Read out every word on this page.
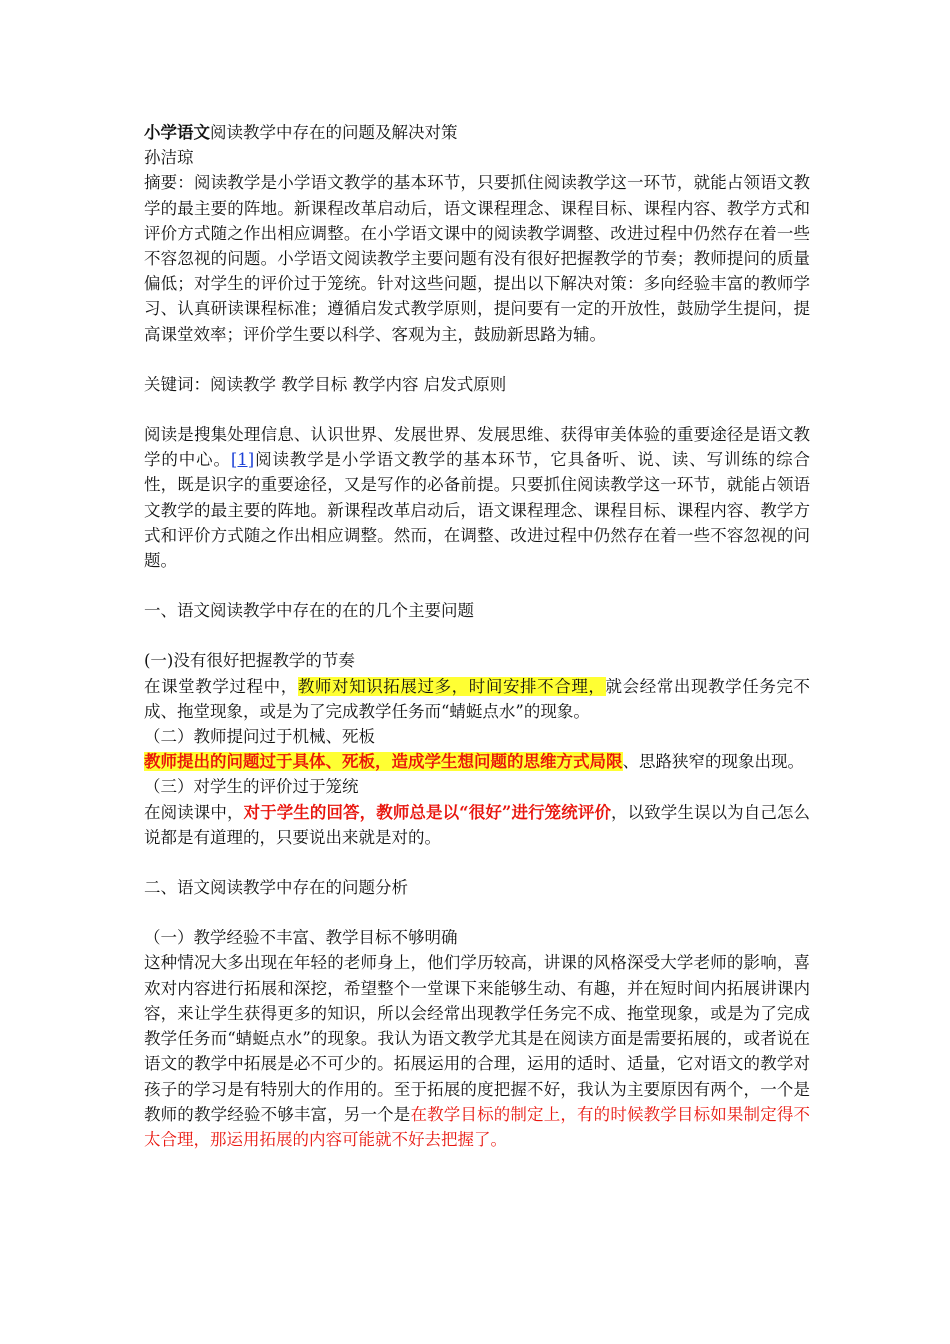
小学语文阅读教学中存在的问题及解决对策

孙洁琼

摘要：阅读教学是小学语文教学的基本环节，只要抓住阅读教学这一环节，就能占领语文教学的最主要的阵地。新课程改革启动后，语文课程理念、课程目标、课程内容、教学方式和评价方式随之作出相应调整。在小学语文课中的阅读教学调整、改进过程中仍然存在着一些不容忽视的问题。小学语文阅读教学主要问题有没有很好把握教学的节奏；教师提问的质量偏低；对学生的评价过于笼统。针对这些问题，提出以下解决对策：多向经验丰富的教师学习、认真研读课程标准；遵循启发式教学原则，提问要有一定的开放性，鼓励学生提问，提高课堂效率；评价学生要以科学、客观为主，鼓励新思路为辅。

关键词：阅读教学 教学目标 教学内容 启发式原则

阅读是搜集处理信息、认识世界、发展世界、发展思维、获得审美体验的重要途径是语文教学的中心。[1]阅读教学是小学语文教学的基本环节，它具备听、说、读、写训练的综合性，既是识字的重要途径，又是写作的必备前提。只要抓住阅读教学这一环节，就能占领语文教学的最主要的阵地。新课程改革启动后，语文课程理念、课程目标、课程内容、教学方式和评价方式随之作出相应调整。然而，在调整、改进过程中仍然存在着一些不容忽视的问题。

一、语文阅读教学中存在的在的几个主要问题

(一)没有很好把握教学的节奏

在课堂教学过程中，教师对知识拓展过多，时间安排不合理，就会经常出现教学任务完不成、拖堂现象，或是为了完成教学任务而“蜻蜓点水”的现象。

（二）教师提问过于机械、死板

教师提出的问题过于具体、死板，造成学生想问题的思维方式局限、思路狭窄的现象出现。

（三）对学生的评价过于笼统

在阅读课中，对于学生的回答，教师总是以“很好”进行笼统评价，以致学生误以为自己怎么说都是有道理的，只要说出来就是对的。

二、语文阅读教学中存在的问题分析

（一）教学经验不丰富、教学目标不够明确

这种情况大多出现在年轻的老师身上，他们学历较高，讲课的风格深受大学老师的影响，喜欢对内容进行拓展和深挖，希望整个一堂课下来能够生动、有趣，并在短时间内拓展讲课内容，来让学生获得更多的知识，所以会经常出现教学任务完不成、拖堂现象，或是为了完成教学任务而“蜻蜓点水”的现象。我认为语文教学尤其是在阅读方面是需要拓展的，或者说在语文的教学中拓展是必不可少的。拓展运用的合理，运用的适时、适量，它对语文的教学对孩子的学习是有特别大的作用的。至于拓展的度把握不好，我认为主要原因有两个，一个是教师的教学经验不够丰富，另一个是在教学目标的制定上，有的时候教学目标如果制定得不太合理，那运用拓展的内容可能就不好去把握了。
